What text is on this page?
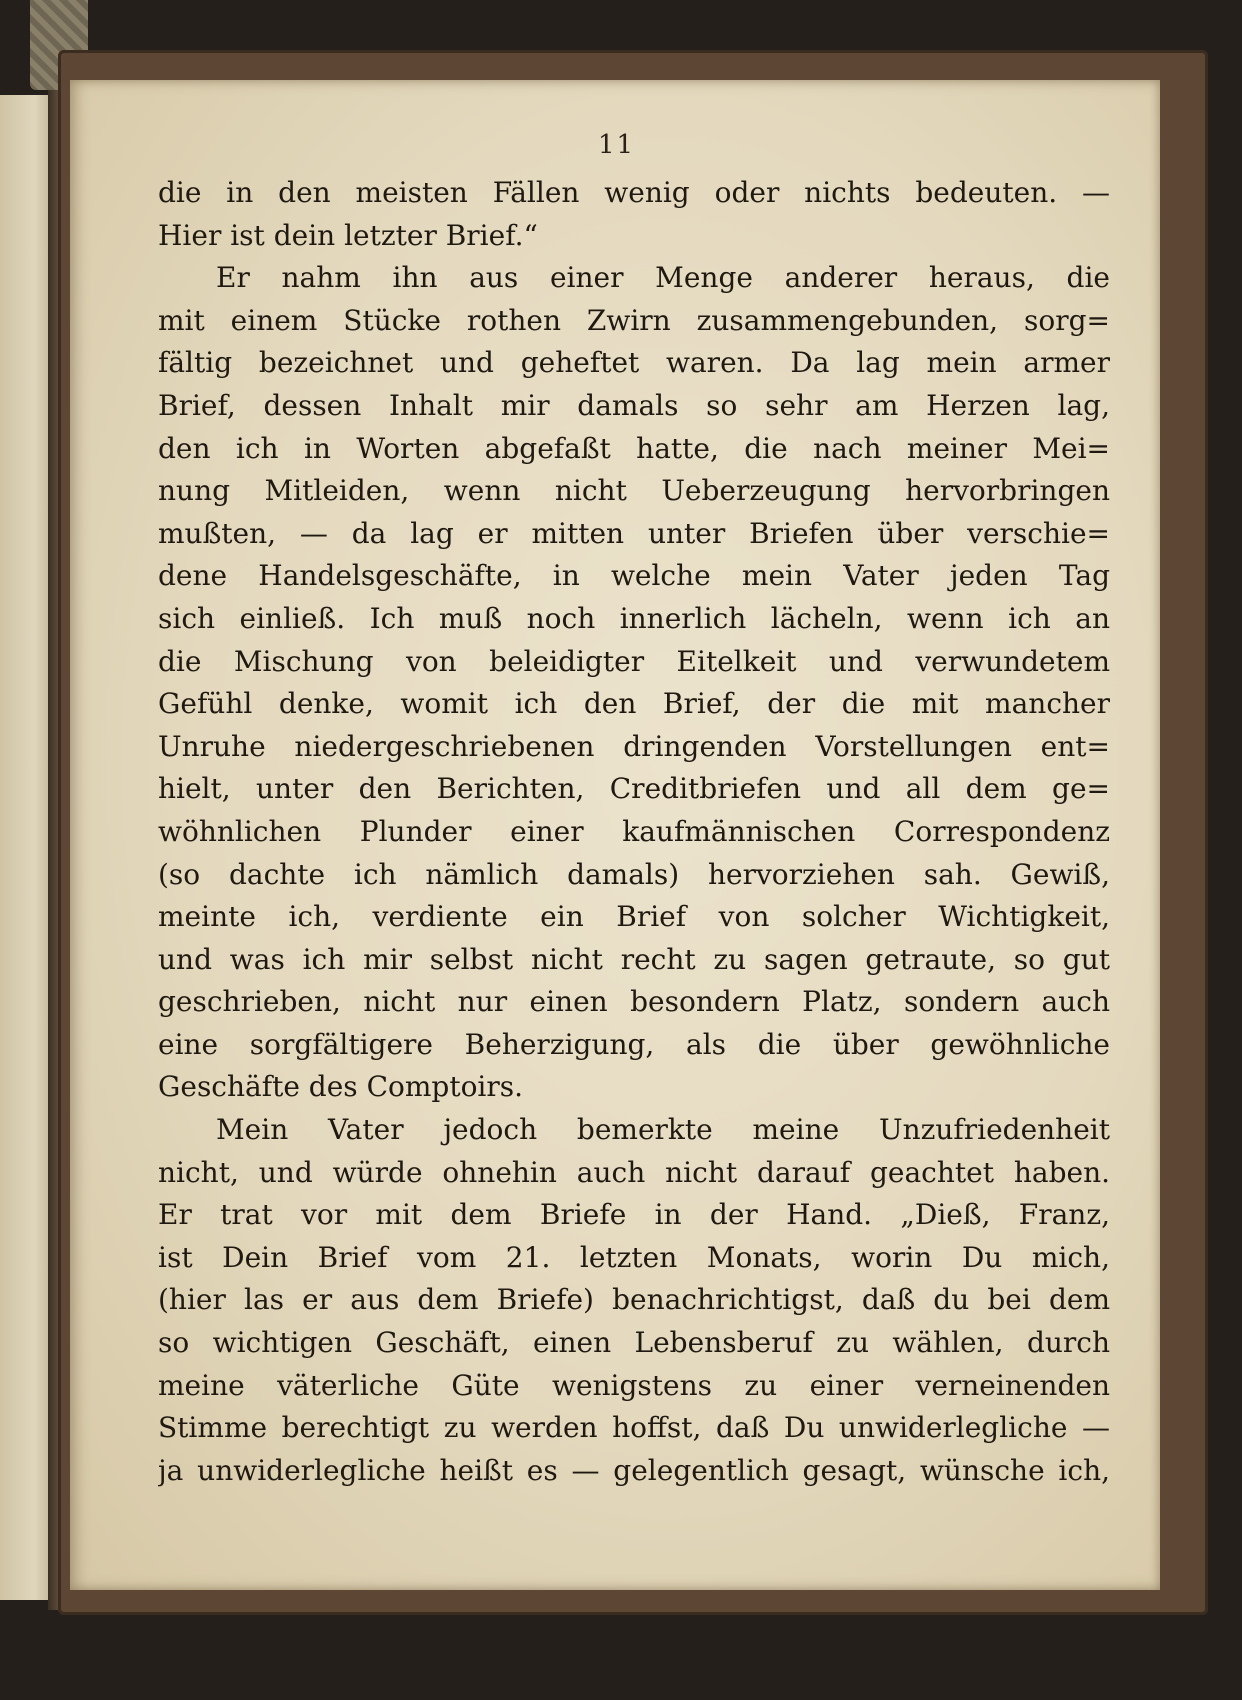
11
die in den meisten Fällen wenig oder nichts bedeuten. —
Hier ist dein letzter Brief.“
Er nahm ihn aus einer Menge anderer heraus, die
mit einem Stücke rothen Zwirn zusammengebunden, sorg=
fältig bezeichnet und geheftet waren. Da lag mein armer
Brief, dessen Inhalt mir damals so sehr am Herzen lag,
den ich in Worten abgefaßt hatte, die nach meiner Mei=
nung Mitleiden, wenn nicht Ueberzeugung hervorbringen
mußten, — da lag er mitten unter Briefen über verschie=
dene Handelsgeschäfte, in welche mein Vater jeden Tag
sich einließ. Ich muß noch innerlich lächeln, wenn ich an
die Mischung von beleidigter Eitelkeit und verwundetem
Gefühl denke, womit ich den Brief, der die mit mancher
Unruhe niedergeschriebenen dringenden Vorstellungen ent=
hielt, unter den Berichten, Creditbriefen und all dem ge=
wöhnlichen Plunder einer kaufmännischen Correspondenz
(so dachte ich nämlich damals) hervorziehen sah. Gewiß,
meinte ich, verdiente ein Brief von solcher Wichtigkeit,
und was ich mir selbst nicht recht zu sagen getraute, so gut
geschrieben, nicht nur einen besondern Platz, sondern auch
eine sorgfältigere Beherzigung, als die über gewöhnliche
Geschäfte des Comptoirs.
Mein Vater jedoch bemerkte meine Unzufriedenheit
nicht, und würde ohnehin auch nicht darauf geachtet haben.
Er trat vor mit dem Briefe in der Hand. „Dieß, Franz,
ist Dein Brief vom 21. letzten Monats, worin Du mich,
(hier las er aus dem Briefe) benachrichtigst, daß du bei dem
so wichtigen Geschäft, einen Lebensberuf zu wählen, durch
meine väterliche Güte wenigstens zu einer verneinenden
Stimme berechtigt zu werden hoffst, daß Du unwiderlegliche —
ja unwiderlegliche heißt es — gelegentlich gesagt, wünsche ich,
